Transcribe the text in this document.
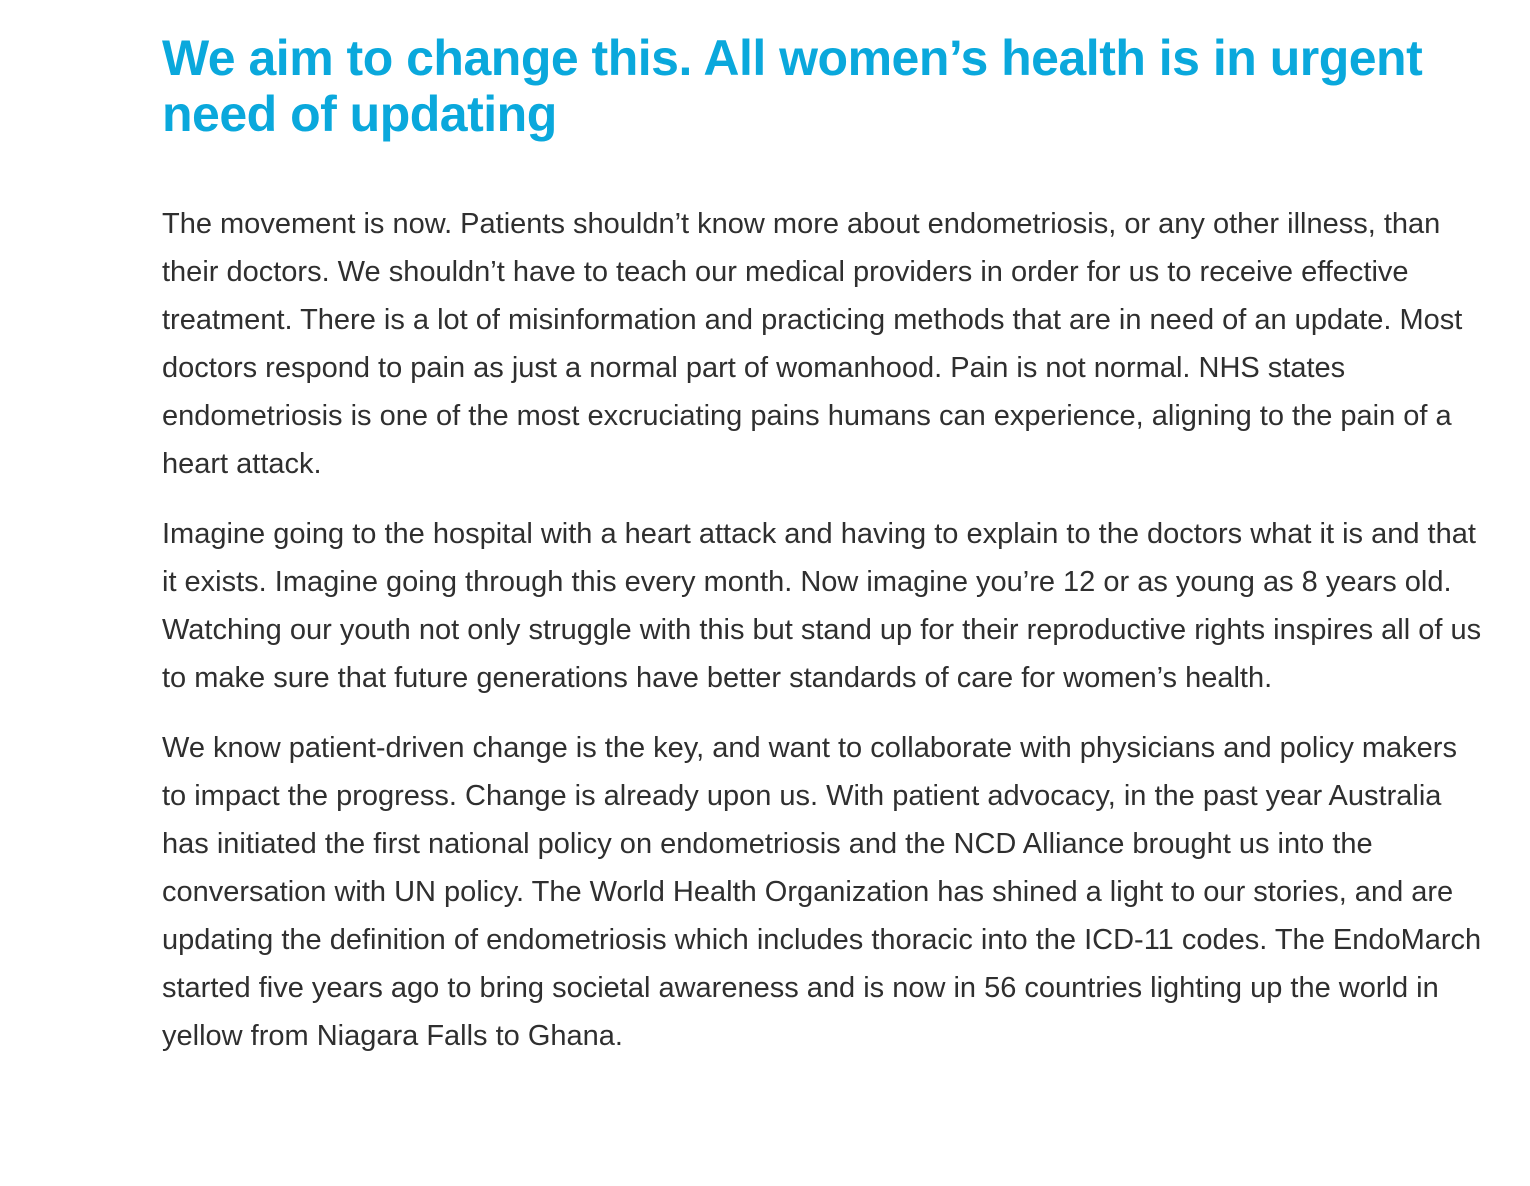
We aim to change this. All women’s health is in urgent need of updating

The movement is now. Patients shouldn’t know more about endometriosis, or any other illness, than their doctors. We shouldn’t have to teach our medical providers in order for us to receive effective treatment. There is a lot of misinformation and practicing methods that are in need of an update. Most doctors respond to pain as just a normal part of womanhood. Pain is not normal. NHS states endometriosis is one of the most excruciating pains humans can experience, aligning to the pain of a heart attack.

Imagine going to the hospital with a heart attack and having to explain to the doctors what it is and that it exists. Imagine going through this every month. Now imagine you’re 12 or as young as 8 years old. Watching our youth not only struggle with this but stand up for their reproductive rights inspires all of us to make sure that future generations have better standards of care for women’s health.

We know patient-driven change is the key, and want to collaborate with physicians and policy makers to impact the progress. Change is already upon us. With patient advocacy, in the past year Australia has initiated the first national policy on endometriosis and the NCD Alliance brought us into the conversation with UN policy. The World Health Organization has shined a light to our stories, and are updating the definition of endometriosis which includes thoracic into the ICD-11 codes. The EndoMarch started five years ago to bring societal awareness and is now in 56 countries lighting up the world in yellow from Niagara Falls to Ghana.
